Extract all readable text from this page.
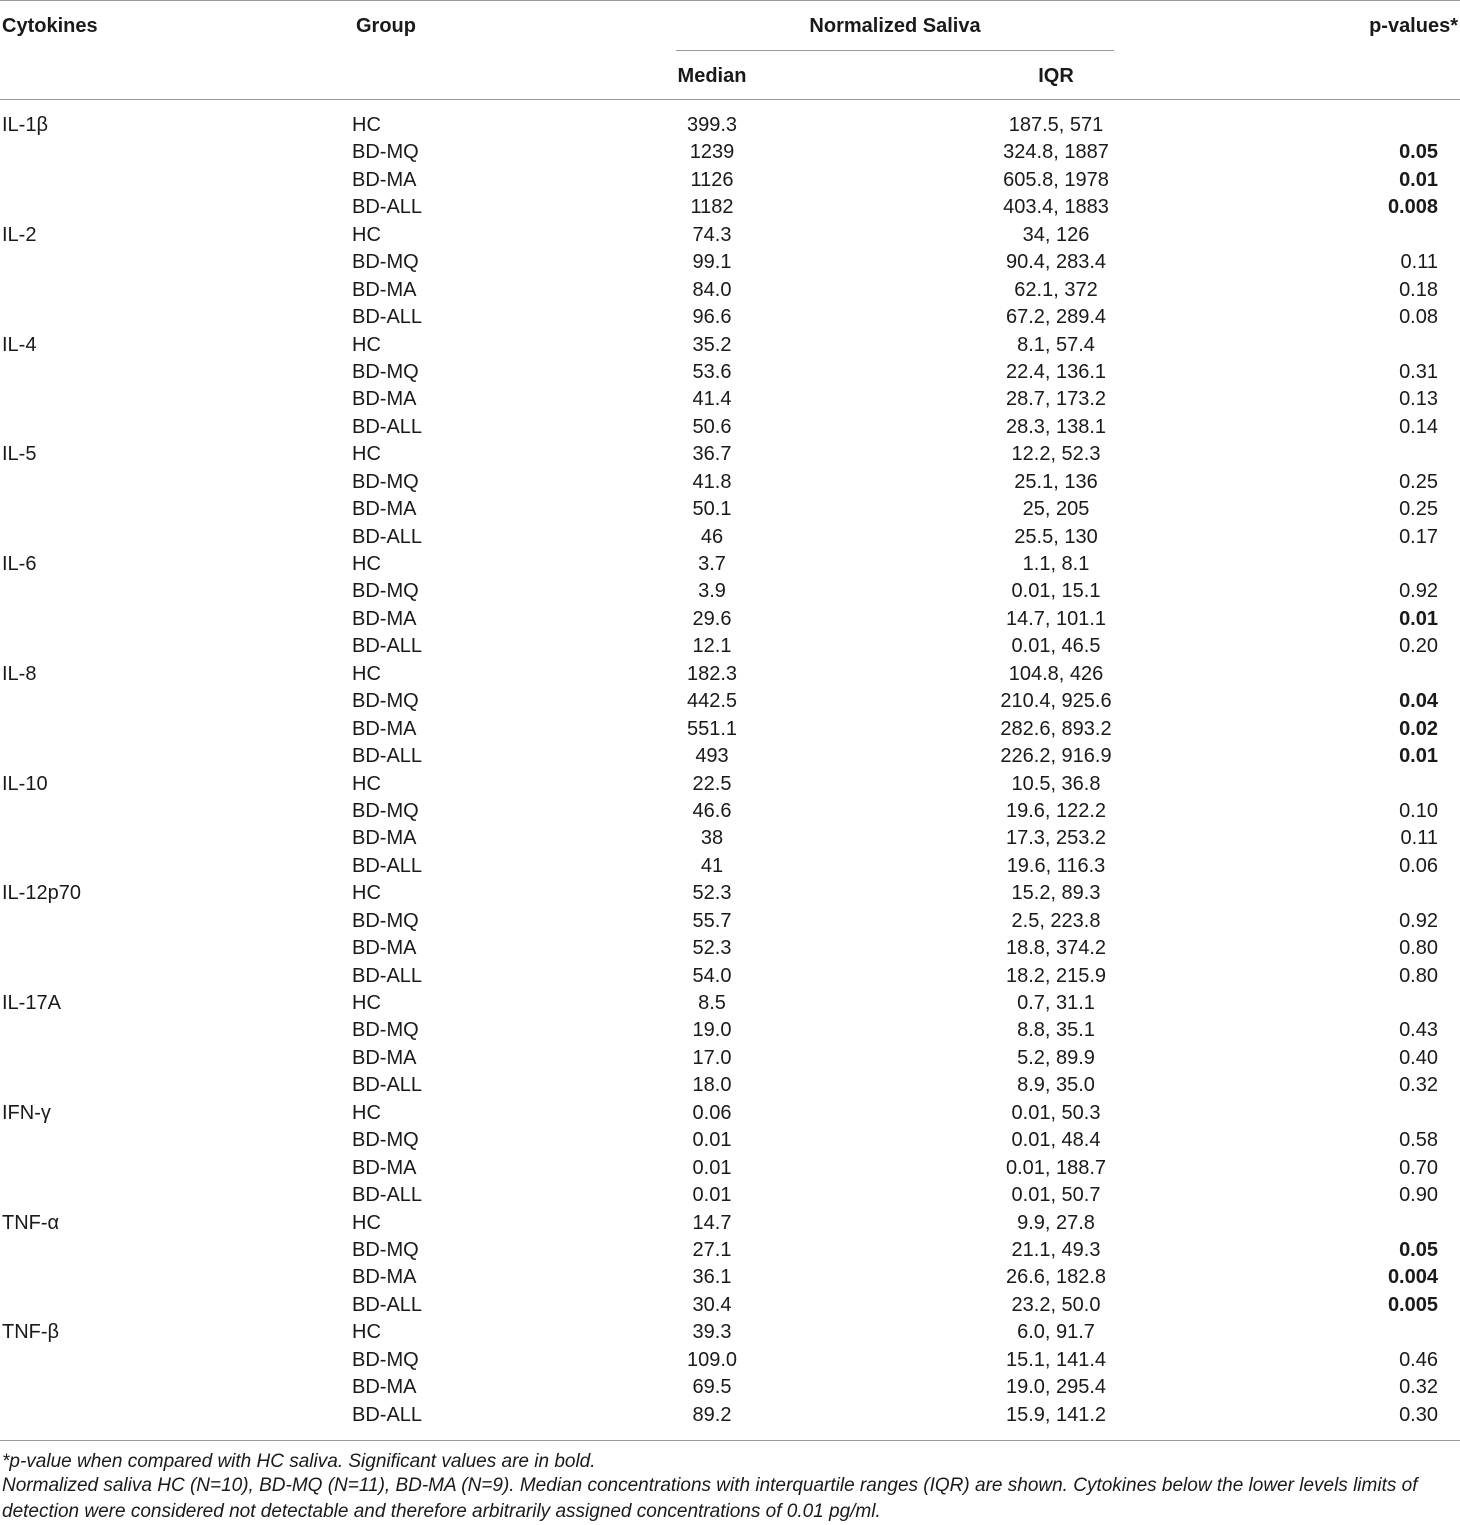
Cytokines	Group	Normalized Saliva	p-values*
Median	IQR
IL-1β	HC	399.3	187.5, 571
BD-MQ	1239	324.8, 1887	0.05
BD-MA	1126	605.8, 1978	0.01
BD-ALL	1182	403.4, 1883	0.008
IL-2	HC	74.3	34, 126
BD-MQ	99.1	90.4, 283.4	0.11
BD-MA	84.0	62.1, 372	0.18
BD-ALL	96.6	67.2, 289.4	0.08
IL-4	HC	35.2	8.1, 57.4
BD-MQ	53.6	22.4, 136.1	0.31
BD-MA	41.4	28.7, 173.2	0.13
BD-ALL	50.6	28.3, 138.1	0.14
IL-5	HC	36.7	12.2, 52.3
BD-MQ	41.8	25.1, 136	0.25
BD-MA	50.1	25, 205	0.25
BD-ALL	46	25.5, 130	0.17
IL-6	HC	3.7	1.1, 8.1
BD-MQ	3.9	0.01, 15.1	0.92
BD-MA	29.6	14.7, 101.1	0.01
BD-ALL	12.1	0.01, 46.5	0.20
IL-8	HC	182.3	104.8, 426
BD-MQ	442.5	210.4, 925.6	0.04
BD-MA	551.1	282.6, 893.2	0.02
BD-ALL	493	226.2, 916.9	0.01
IL-10	HC	22.5	10.5, 36.8
BD-MQ	46.6	19.6, 122.2	0.10
BD-MA	38	17.3, 253.2	0.11
BD-ALL	41	19.6, 116.3	0.06
IL-12p70	HC	52.3	15.2, 89.3
BD-MQ	55.7	2.5, 223.8	0.92
BD-MA	52.3	18.8, 374.2	0.80
BD-ALL	54.0	18.2, 215.9	0.80
IL-17A	HC	8.5	0.7, 31.1
BD-MQ	19.0	8.8, 35.1	0.43
BD-MA	17.0	5.2, 89.9	0.40
BD-ALL	18.0	8.9, 35.0	0.32
IFN-γ	HC	0.06	0.01, 50.3
BD-MQ	0.01	0.01, 48.4	0.58
BD-MA	0.01	0.01, 188.7	0.70
BD-ALL	0.01	0.01, 50.7	0.90
TNF-α	HC	14.7	9.9, 27.8
BD-MQ	27.1	21.1, 49.3	0.05
BD-MA	36.1	26.6, 182.8	0.004
BD-ALL	30.4	23.2, 50.0	0.005
TNF-β	HC	39.3	6.0, 91.7
BD-MQ	109.0	15.1, 141.4	0.46
BD-MA	69.5	19.0, 295.4	0.32
BD-ALL	89.2	15.9, 141.2	0.30
*p-value when compared with HC saliva. Significant values are in bold.
Normalized saliva HC (N=10), BD-MQ (N=11), BD-MA (N=9). Median concentrations with interquartile ranges (IQR) are shown. Cytokines below the lower levels limits of detection were considered not detectable and therefore arbitrarily assigned concentrations of 0.01 pg/ml.
